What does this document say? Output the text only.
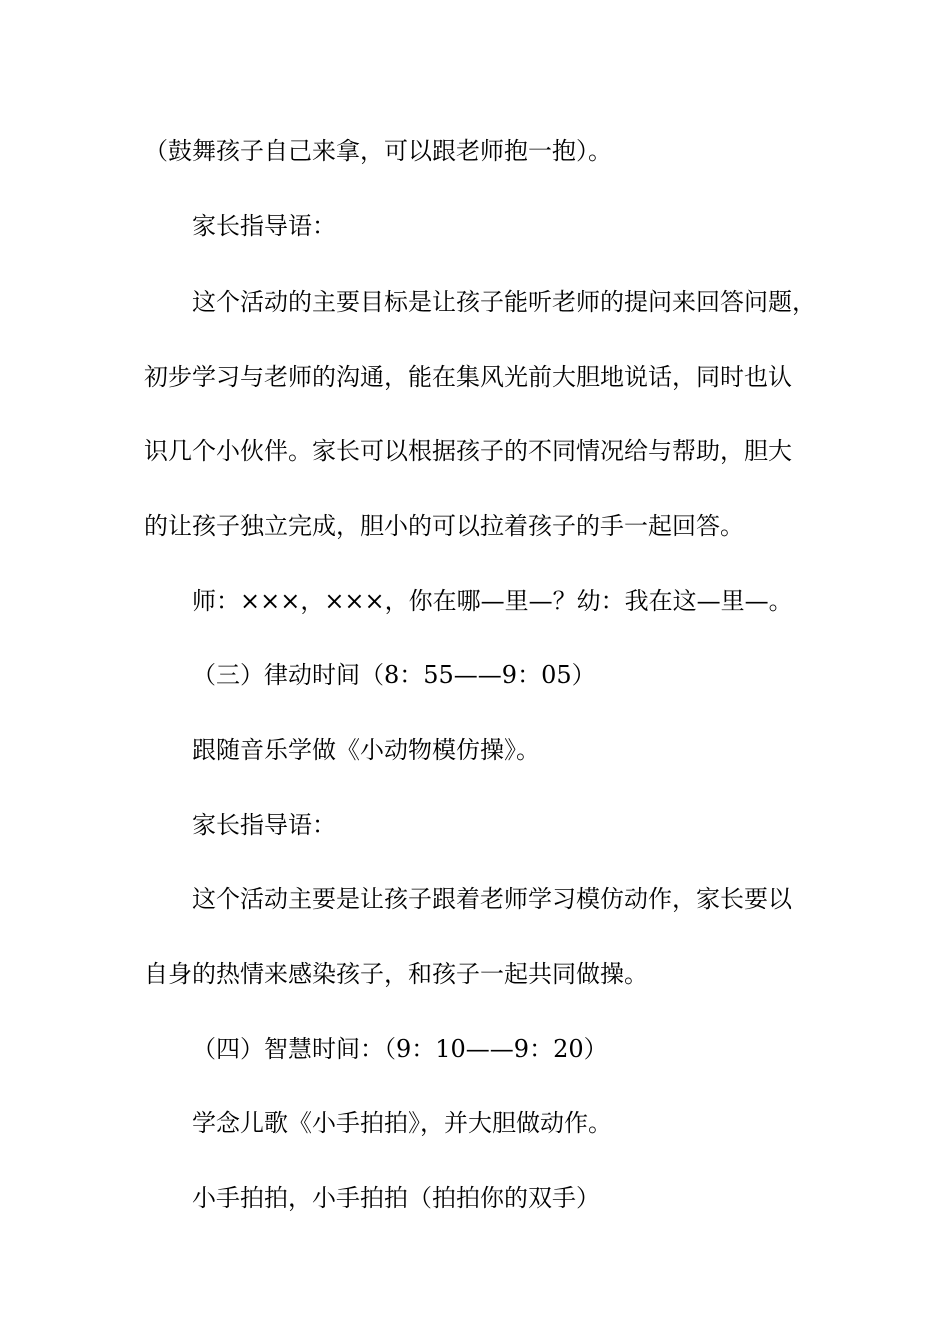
（鼓舞孩子自己来拿，可以跟老师抱一抱）。
家长指导语：
这个活动的主要目标是让孩子能听老师的提问来回答问题，
初步学习与老师的沟通，能在集风光前大胆地说话，同时也认
识几个小伙伴。家长可以根据孩子的不同情况给与帮助，胆大
的让孩子独立完成，胆小的可以拉着孩子的手一起回答。
师：×××，×××，你在哪—里—？幼：我在这—里—。
（三）律动时间（8：55——9：05）
跟随音乐学做《小动物模仿操》。
家长指导语：
这个活动主要是让孩子跟着老师学习模仿动作，家长要以
自身的热情来感染孩子，和孩子一起共同做操。
（四）智慧时间：（9：10——9：20）
学念儿歌《小手拍拍》，并大胆做动作。
小手拍拍，小手拍拍（拍拍你的双手）
